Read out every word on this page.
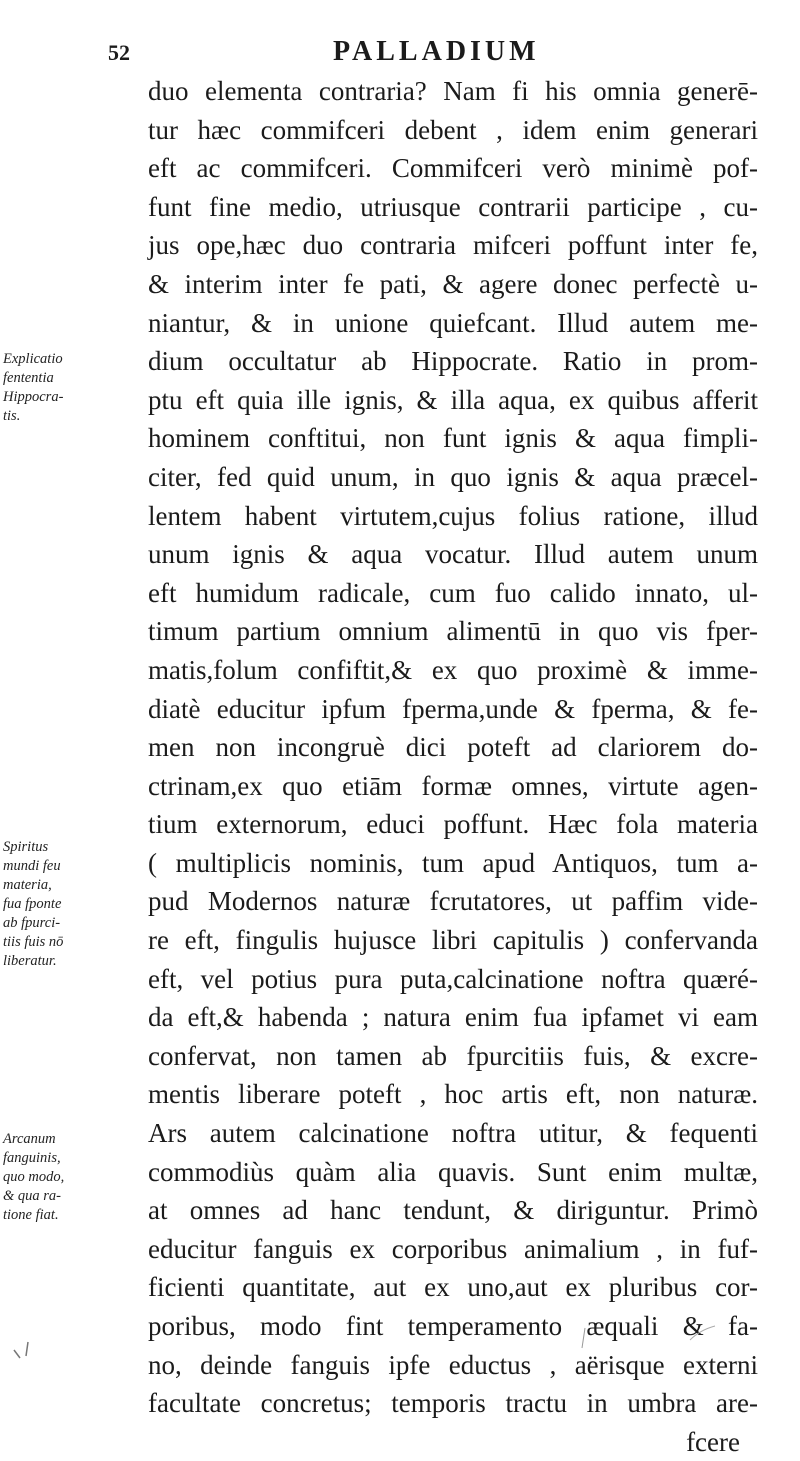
52	PALLADIUM
duo elementa contraria? Nam fi his omnia generē-
tur hæc commifceri debent , idem enim generari
eft ac commifceri. Commifceri verò minimè pof-
funt fine medio, utriusque contrarii participe , cu-
jus ope,hæc duo contraria mifceri poffunt inter fe,
& interim inter fe pati, & agere donec perfectè u-
niantur, & in unione quiefcant. Illud autem me-
dium occultatur ab Hippocrate. Ratio in prom-
ptu eft quia ille ignis, & illa aqua, ex quibus afferit
hominem conftitui, non funt ignis & aqua fimpli-
citer, fed quid unum, in quo ignis & aqua præcel-
lentem habent virtutem,cujus folius ratione, illud
unum ignis & aqua vocatur. Illud autem unum
eft humidum radicale, cum fuo calido innato, ul-
timum partium omnium alimentū in quo vis fper-
matis,folum confiftit,& ex quo proximè & imme-
diatè educitur ipfum fperma,unde & fperma, & fe-
men non incongruè dici poteft ad clariorem do-
ctrinam,ex quo etiām formæ omnes, virtute agen-
tium externorum, educi poffunt. Hæc fola materia
( multiplicis nominis, tum apud Antiquos, tum a-
pud Modernos naturæ fcrutatores, ut paffim vide-
re eft, fingulis hujusce libri capitulis ) confervanda
eft, vel potius pura puta,calcinatione noftra quæré-
da eft,& habenda ; natura enim fua ipfamet vi eam
confervat, non tamen ab fpurcitiis fuis, & excre-
mentis liberare poteft , hoc artis eft, non naturæ.
Ars autem calcinatione noftra utitur, & fequenti
commodiùs quàm alia quavis. Sunt enim multæ,
at omnes ad hanc tendunt, & diriguntur. Primò
educitur fanguis ex corporibus animalium , in fuf-
ficienti quantitate, aut ex uno,aut ex pluribus cor-
poribus, modo fint temperamento æquali & fa-
no, deinde fanguis ipfe eductus , aërisque externi
facultate concretus; temporis tractu in umbra are-
fcere
Explicatio
fententia
Hippocra-
tis.
Spiritus
mundi feu
materia,
fua fponte
ab fpurci-
tiis fuis nō
liberatur.
Arcanum
fanguinis,
quo modo,
& qua ra-
tione fiat.
